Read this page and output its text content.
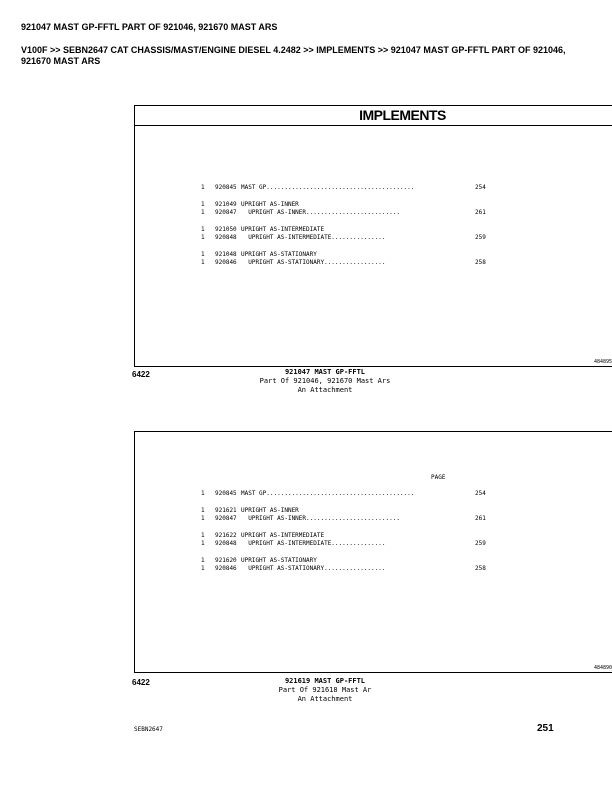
921047 MAST GP-FFTL PART OF 921046, 921670 MAST ARS
V100F >> SEBN2647 CAT CHASSIS/MAST/ENGINE DIESEL 4.2482 >> IMPLEMENTS >> 921047 MAST GP-FFTL PART OF 921046, 921670 MAST ARS
IMPLEMENTS
1	920845 MAST GP.........................................	254
1	921049 UPRIGHT AS-INNER
1	920847 UPRIGHT AS-INNER..........................	261
1	921050 UPRIGHT AS-INTERMEDIATE
1	920848 UPRIGHT AS-INTERMEDIATE...............	259
1	921048 UPRIGHT AS-STATIONARY
1	920846 UPRIGHT AS-STATIONARY.................	258
484895
6422	921047 MAST GP-FFTL
Part Of 921046, 921670 Mast Ars
An Attachment
PAGE
1	920845 MAST GP.........................................	254
1	921621 UPRIGHT AS-INNER
1	920847 UPRIGHT AS-INNER..........................	261
1	921622 UPRIGHT AS-INTERMEDIATE
1	920848 UPRIGHT AS-INTERMEDIATE...............	259
1	921620 UPRIGHT AS-STATIONARY
1	920846 UPRIGHT AS-STATIONARY.................	258
484890
6422	921619 MAST GP-FFTL
Part Of 921618 Mast Ar
An Attachment
SEBN2647	251
